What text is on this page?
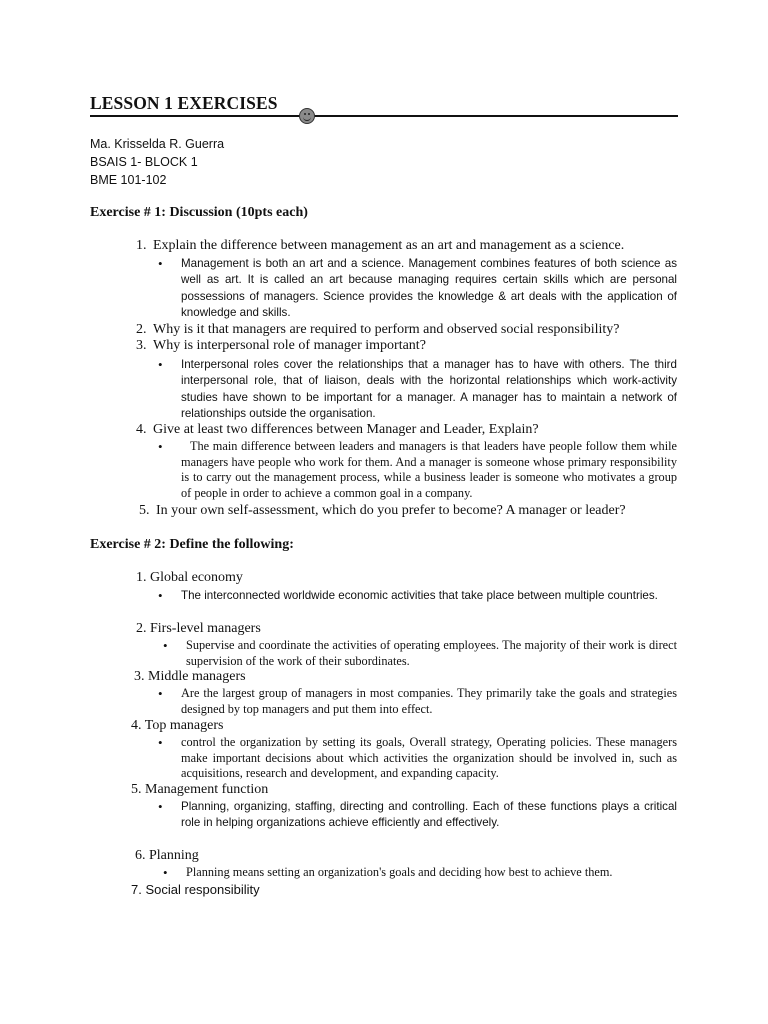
LESSON 1 EXERCISES
Ma. Krisselda R. Guerra
BSAIS 1- BLOCK 1
BME 101-102
Exercise # 1: Discussion (10pts each)
1. Explain the difference between management as an art and management as a science.
• Management is both an art and a science. Management combines features of both science as well as art. It is called an art because managing requires certain skills which are personal possessions of managers. Science provides the knowledge & art deals with the application of knowledge and skills.
2. Why is it that managers are required to perform and observed social responsibility?
3. Why is interpersonal role of manager important?
• Interpersonal roles cover the relationships that a manager has to have with others. The third interpersonal role, that of liaison, deals with the horizontal relationships which work-activity studies have shown to be important for a manager. A manager has to maintain a network of relationships outside the organisation.
4. Give at least two differences between Manager and Leader, Explain?
•	The main difference between leaders and managers is that leaders have people follow them while managers have people who work for them. And a manager is someone whose primary responsibility is to carry out the management process, while a business leader is someone who motivates a group of people in order to achieve a common goal in a company.
5. In your own self-assessment, which do you prefer to become? A manager or leader?
Exercise # 2: Define the following:
1. Global economy
• The interconnected worldwide economic activities that take place between multiple countries.
2. Firs-level managers
• Supervise and coordinate the activities of operating employees. The majority of their work is direct supervision of the work of their subordinates.
3. Middle managers
• Are the largest group of managers in most companies. They primarily take the goals and strategies designed by top managers and put them into effect.
4. Top managers
• control the organization by setting its goals, Overall strategy, Operating policies. These managers make important decisions about which activities the organization should be involved in, such as acquisitions, research and development, and expanding capacity.
5. Management function
• Planning, organizing, staffing, directing and controlling. Each of these functions plays a critical role in helping organizations achieve efficiently and effectively.
6. Planning
• Planning means setting an organization's goals and deciding how best to achieve them.
7. Social responsibility
